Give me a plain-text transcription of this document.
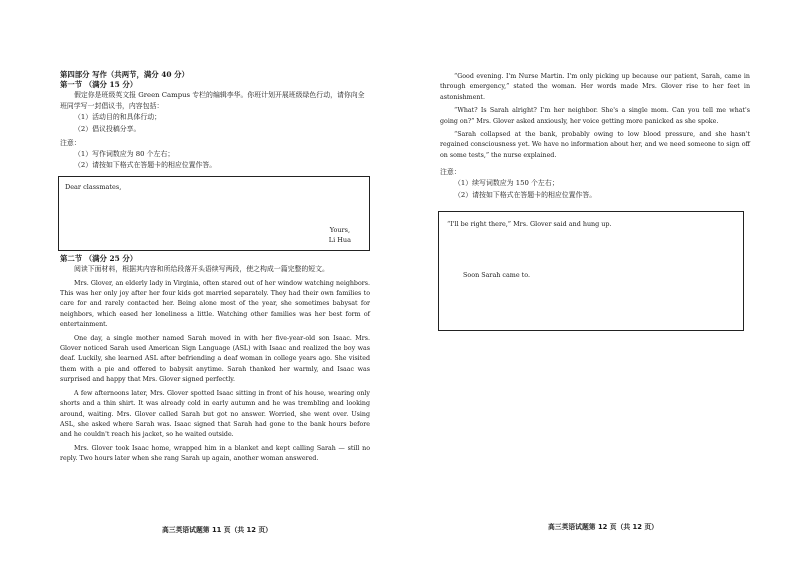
第四部分 写作（共两节，满分 40 分）

第一节 （满分 15 分）

假定你是班级英文报 Green Campus 专栏的编辑李华。你班计划开展班级绿色行动，请你向全班同学写一封倡议书，内容包括：

（1）活动目的和具体行动；

（2）倡议投稿分享。

注意：

（1）写作词数应为 80 个左右；

（2）请按如下格式在答题卡的相应位置作答。

Dear classmates,
Yours,
Li Hua

第二节 （满分 25 分）

阅读下面材料，根据其内容和所给段落开头语续写两段，使之构成一篇完整的短文。

Mrs. Glover, an elderly lady in Virginia, often stared out of her window watching neighbors. This was her only joy after her four kids got married separately. They had their own families to care for and rarely contacted her. Being alone most of the year, she sometimes babysat for neighbors, which eased her loneliness a little. Watching other families was her best form of entertainment.

One day, a single mother named Sarah moved in with her five-year-old son Isaac. Mrs. Glover noticed Sarah used American Sign Language (ASL) with Isaac and realized the boy was deaf. Luckily, she learned ASL after befriending a deaf woman in college years ago. She visited them with a pie and offered to babysit anytime. Sarah thanked her warmly, and Isaac was surprised and happy that Mrs. Glover signed perfectly.

A few afternoons later, Mrs. Glover spotted Isaac sitting in front of his house, wearing only shorts and a thin shirt. It was already cold in early autumn and he was trembling and looking around, waiting. Mrs. Glover called Sarah but got no answer. Worried, she went over. Using ASL, she asked where Sarah was. Isaac signed that Sarah had gone to the bank hours before and he couldn't reach his jacket, so he waited outside.

Mrs. Glover took Isaac home, wrapped him in a blanket and kept calling Sarah — still no reply. Two hours later when she rang Sarah up again, another woman answered.

高三英语试题第 11 页（共 12 页）

“Good evening. I'm Nurse Martin. I'm only picking up because our patient, Sarah, came in through emergency,” stated the woman. Her words made Mrs. Glover rise to her feet in astonishment.

“What? Is Sarah alright? I'm her neighbor. She's a single mom. Can you tell me what's going on?” Mrs. Glover asked anxiously, her voice getting more panicked as she spoke.

“Sarah collapsed at the bank, probably owing to low blood pressure, and she hasn't regained consciousness yet. We have no information about her, and we need someone to sign off on some tests,” the nurse explained.

注意：

（1）续写词数应为 150 个左右；

（2）请按如下格式在答题卡的相应位置作答。

“I'll be right there,” Mrs. Glover said and hung up.
Soon Sarah came to.
高三英语试题第 12 页（共 12 页）
